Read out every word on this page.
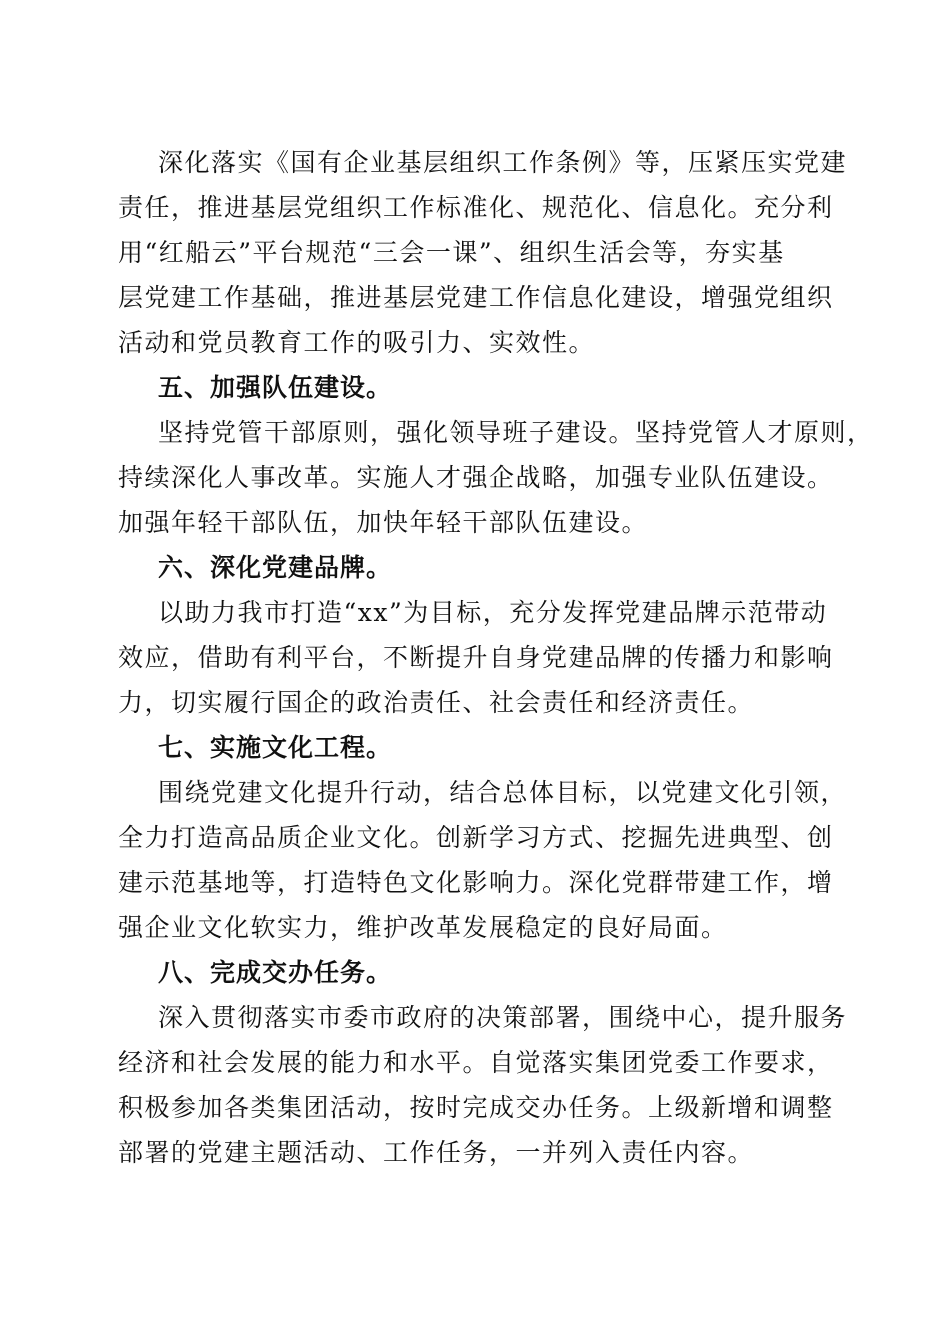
深化落实《国有企业基层组织工作条例》等，压紧压实党建

责任，推进基层党组织工作标准化、规范化、信息化。充分利

用“红船云”平台规范“三会一课”、组织生活会等，夯实基

层党建工作基础，推进基层党建工作信息化建设，增强党组织

活动和党员教育工作的吸引力、实效性。

五、加强队伍建设。

坚持党管干部原则，强化领导班子建设。坚持党管人才原则，

持续深化人事改革。实施人才强企战略，加强专业队伍建设。

加强年轻干部队伍，加快年轻干部队伍建设。

六、深化党建品牌。

以助力我市打造“xx”为目标，充分发挥党建品牌示范带动

效应，借助有利平台，不断提升自身党建品牌的传播力和影响

力，切实履行国企的政治责任、社会责任和经济责任。

七、实施文化工程。

围绕党建文化提升行动，结合总体目标，以党建文化引领，

全力打造高品质企业文化。创新学习方式、挖掘先进典型、创

建示范基地等，打造特色文化影响力。深化党群带建工作，增

强企业文化软实力，维护改革发展稳定的良好局面。

八、完成交办任务。

深入贯彻落实市委市政府的决策部署，围绕中心，提升服务

经济和社会发展的能力和水平。自觉落实集团党委工作要求，

积极参加各类集团活动，按时完成交办任务。上级新增和调整

部署的党建主题活动、工作任务，一并列入责任内容。
